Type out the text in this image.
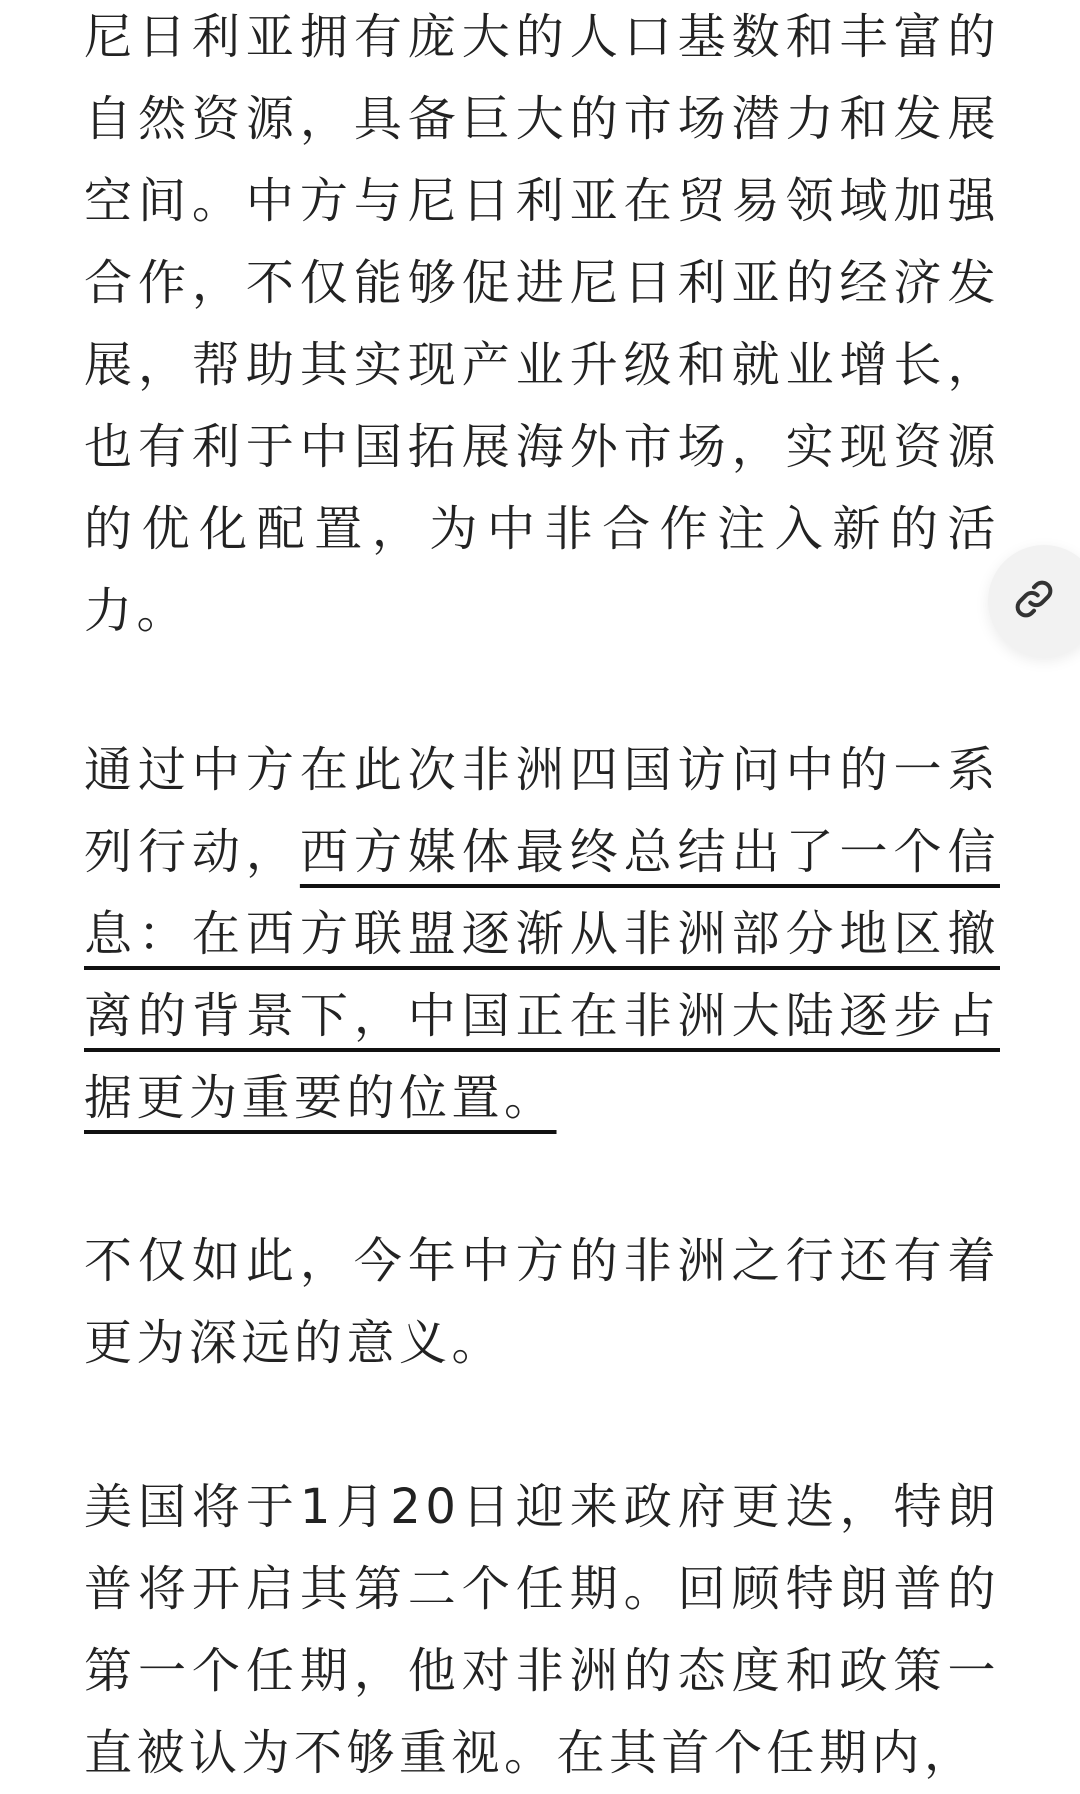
尼日利亚拥有庞大的人口基数和丰富的自然资源，具备巨大的市场潜力和发展空间。中方与尼日利亚在贸易领域加强合作，不仅能够促进尼日利亚的经济发展，帮助其实现产业升级和就业增长，也有利于中国拓展海外市场，实现资源的优化配置，为中非合作注入新的活力。

通过中方在此次非洲四国访问中的一系列行动，西方媒体最终总结出了一个信息：在西方联盟逐渐从非洲部分地区撤离的背景下，中国正在非洲大陆逐步占据更为重要的位置。

不仅如此，今年中方的非洲之行还有着更为深远的意义。

美国将于1月20日迎来政府更迭，特朗普将开启其第二个任期。回顾特朗普的第一个任期，他对非洲的态度和政策一直被认为不够重视。在其首个任期内，
